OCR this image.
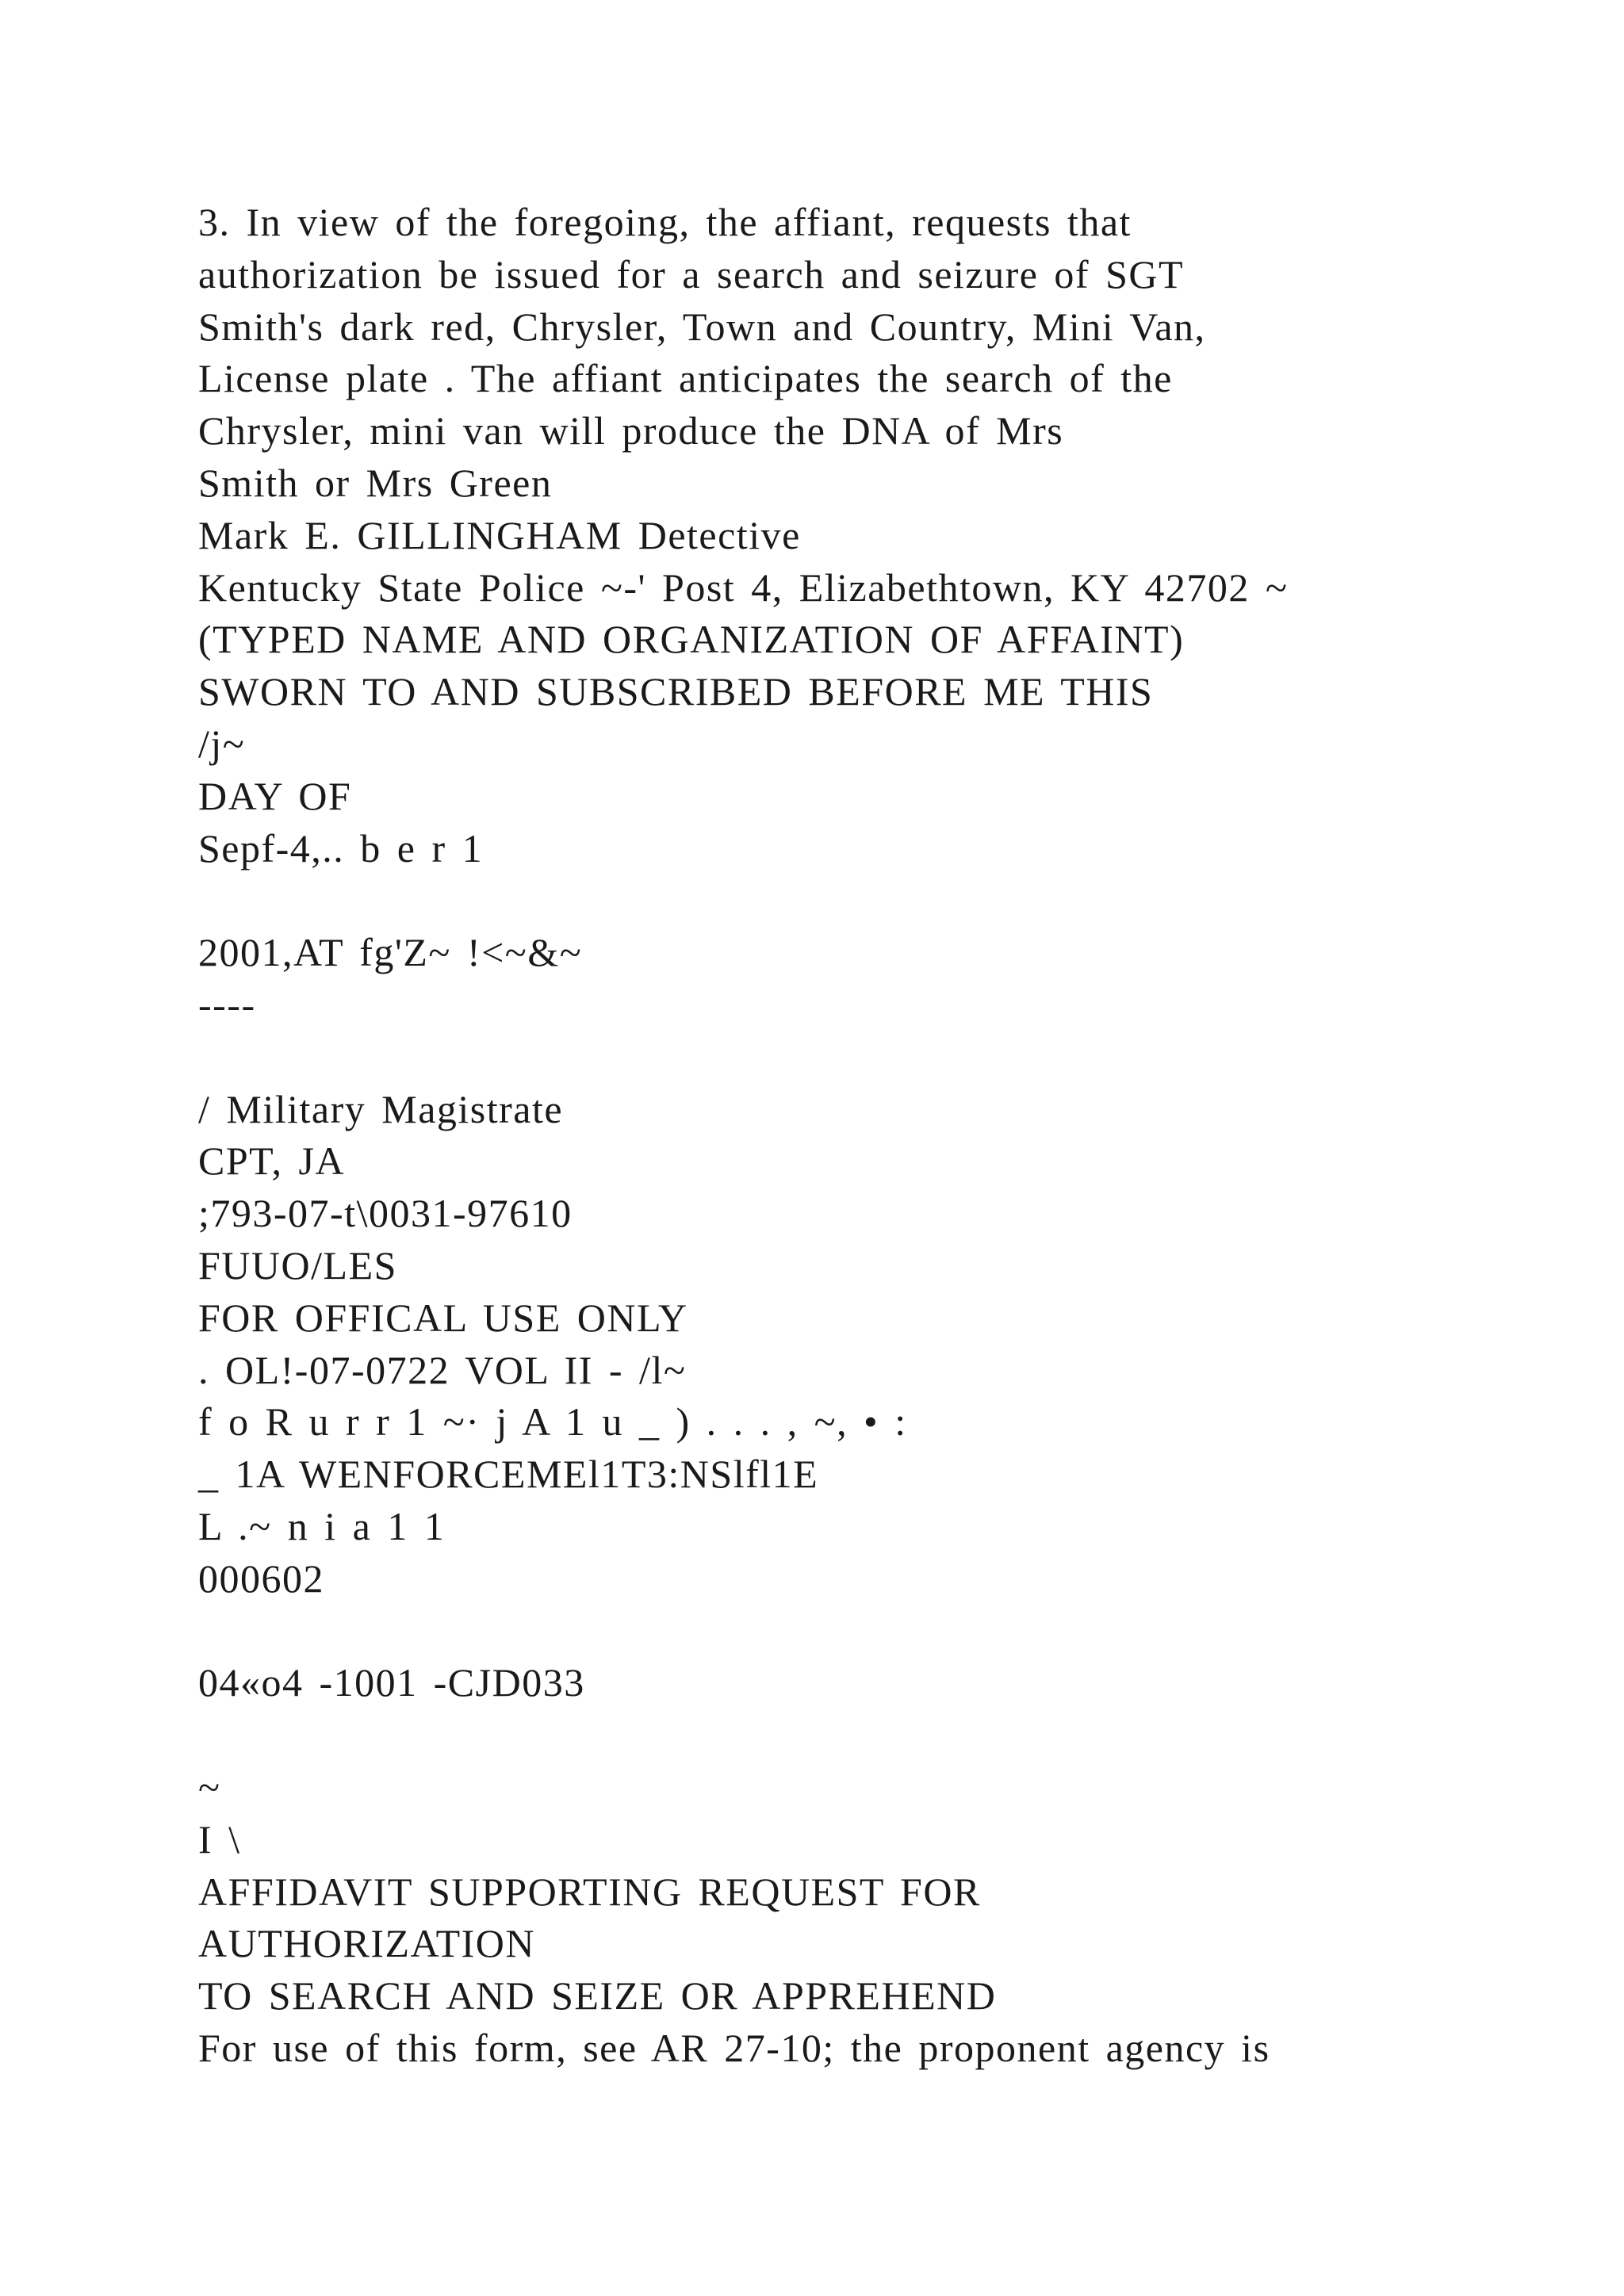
3. In view of the foregoing, the affiant, requests that
authorization be issued for a search and seizure of SGT
Smith's dark red, Chrysler, Town and Country, Mini Van,
License plate . The affiant anticipates the search of the
Chrysler, mini van will produce the DNA of Mrs
Smith or Mrs Green
Mark E. GILLINGHAM Detective
Kentucky State Police ~-' Post 4, Elizabethtown, KY 42702 ~
(TYPED NAME AND ORGANIZATION OF AFFAINT)
SWORN TO AND SUBSCRIBED BEFORE ME THIS
/j~
DAY OF
Sepf-4,.. b e r 1
2001,AT fg'Z~ !<~&~
----
/ Military Magistrate
CPT, JA
;793-07-t\0031-97610
FUUO/LES
FOR OFFICAL USE ONLY
. OL!-07-0722 VOL II - /l~
f o R u r r 1 ~· j A 1 u _ ) . . . , ~, • :
_ 1A WENFORCEMEl1T3:NSlfl1E
L .~ n i a 1 1
000602
04«o4 -1001 -CJD033
~
I \
AFFIDAVIT SUPPORTING REQUEST FOR
AUTHORIZATION
TO SEARCH AND SEIZE OR APPREHEND
For use of this form, see AR 27-10; the proponent agency is
